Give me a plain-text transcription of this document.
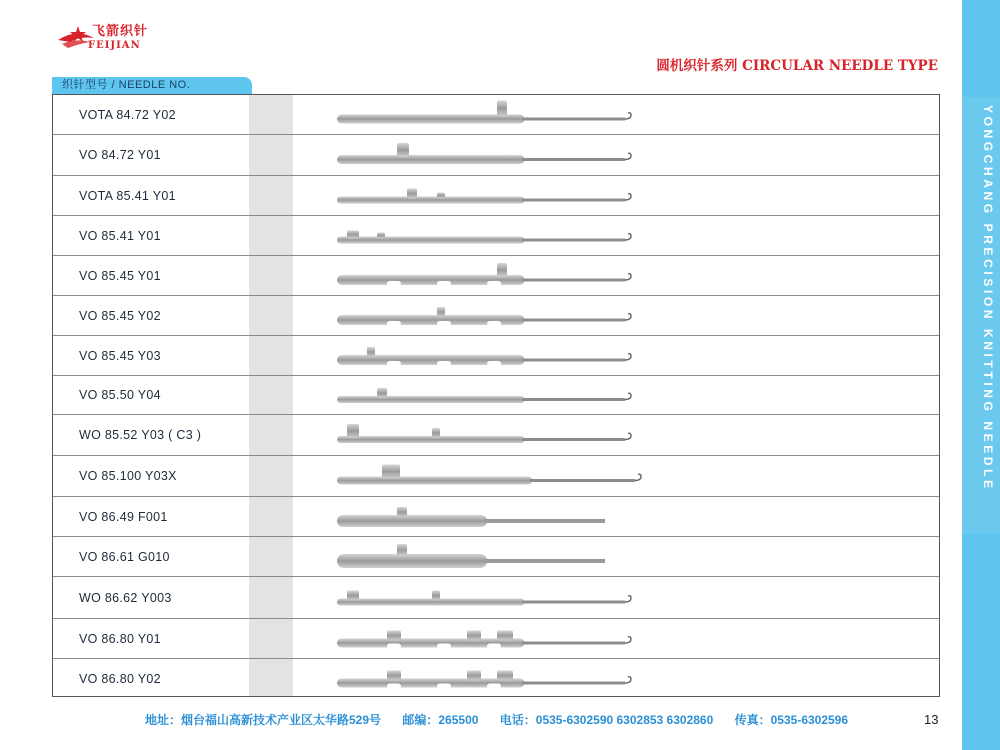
飞箭织针
FEIJIAN
圆机织针系列 CIRCULAR NEEDLE TYPE
织针型号 / NEEDLE NO.
VOTA 84.72 Y02
VO 84.72 Y01
VOTA 85.41 Y01
VO 85.41 Y01
VO 85.45 Y01
VO 85.45 Y02
VO 85.45 Y03
VO 85.50 Y04
WO 85.52 Y03 ( C3 )
VO 85.100 Y03X
VO 86.49 F001
VO 86.61 G010
WO 86.62 Y003
VO 86.80 Y01
VO 86.80 Y02
YONGCHANG PRECISION KNITTING NEEDLE
地址：烟台福山高新技术产业区太华路529号 邮编：265500 电话：0535-6302590 6302853 6302860 传真：0535-6302596	13
